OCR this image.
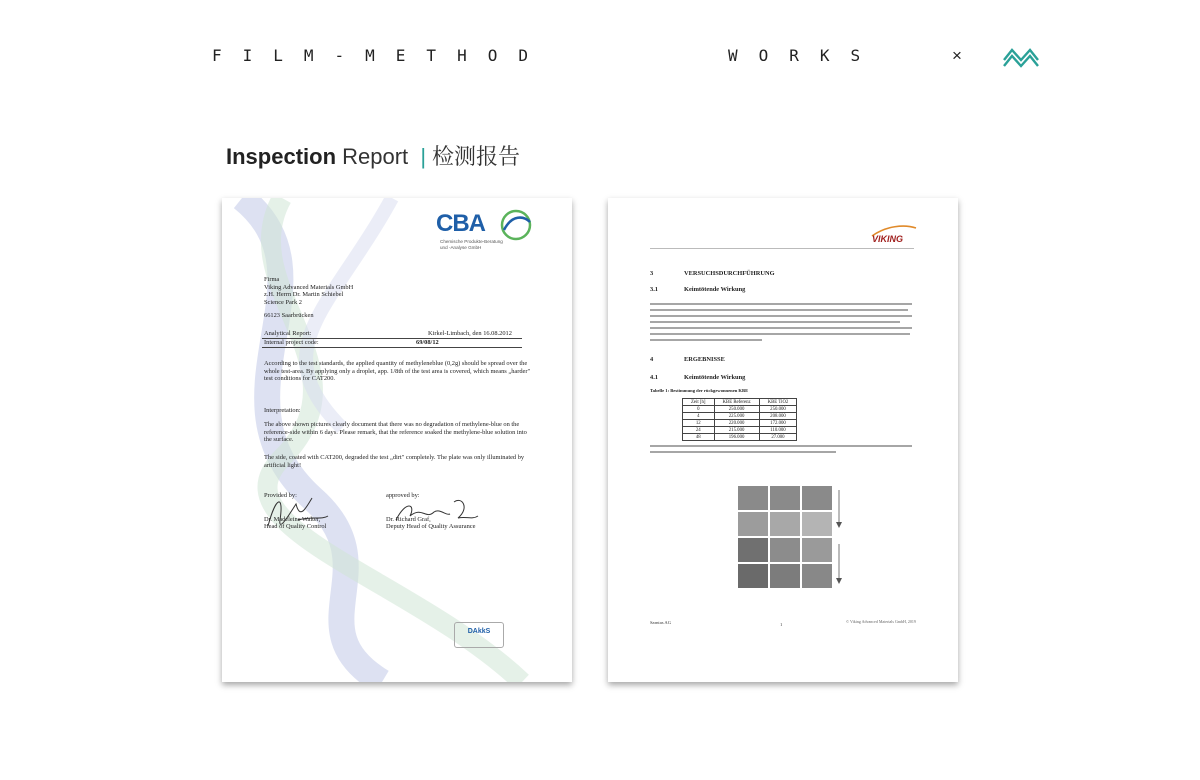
FILM-METHOD	WORKS	×
Inspection Report | 检测报告
CBA
Chemische Produkte-Beratung
und -Analyse GmbH
Firma
Viking Advanced Materials GmbH
z.H. Herrn Dr. Martin Schiebel
Science Park 2
66123 Saarbrücken
Analytical Report:	Kirkel-Limbach, den 16.08.2012
Internal project code:	69/08/12
According to the test standards, the applied quantity of methyleneblue (0,2g) should be spread over the whole test-area. By applying only a droplet, app. 1/8th of the test area is covered, which means „harder" test conditions for CAT200.
Interpretation:
The above shown pictures clearly document that there was no degradation of methylene-blue on the reference-side within 6 days. Please remark, that the reference soaked the methylene-blue solution into the surface.
The side, coated with CAT200, degraded the test „dirt" completely. The plate was only illuminated by artificial light!
Provided by:	approved by:
Dr. Madeleine Walter,
Head of Quality Control
Dr. Richard Graf,
Deputy Head of Quality Assurance
DAkkS
VIKING
3	VERSUCHSDURCHFÜHRUNG
3.1	Keimtötende Wirkung
4	ERGEBNISSE
4.1	Keimtötende Wirkung
Tabelle 1: Bestimmung der rückgewonnenen KBE
Zeit [h]	KBE Referenz	KBE TiO2
0	250.000	250.000
4	225.000	208.000
12	220.000	172.000
24	215.000	110.000
48	196.000	27.000
Sarntas AG	1
© Viking Advanced Materials GmbH, 2019
